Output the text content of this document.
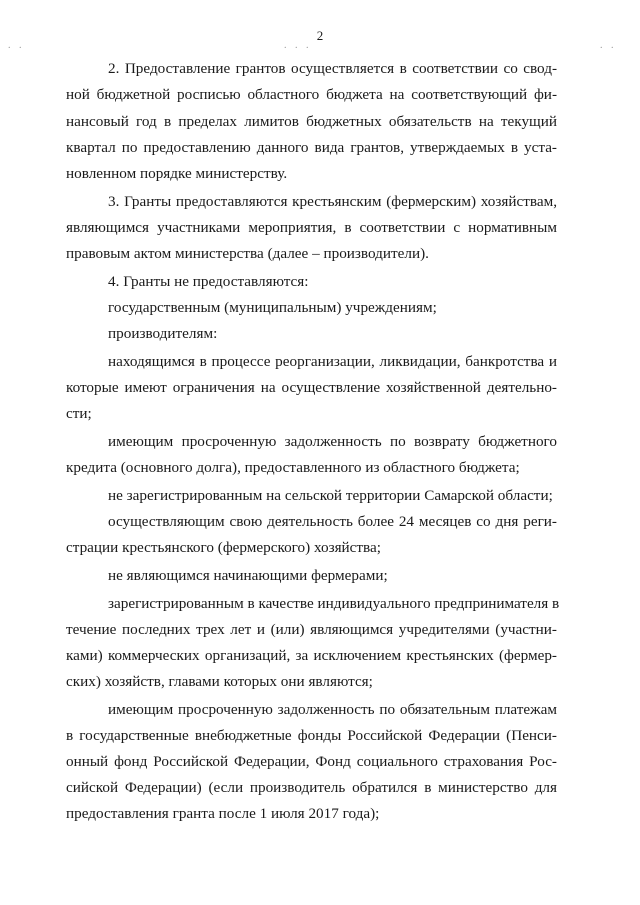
2
. .	. . .	. .
2. Предоставление грантов осуществляется в соответствии со свод-
ной бюджетной росписью областного бюджета на соответствующий фи-
нансовый год в пределах лимитов бюджетных обязательств на текущий
квартал по предоставлению данного вида грантов, утверждаемых в уста-
новленном порядке министерству.
3. Гранты предоставляются крестьянским (фермерским) хозяйствам,
являющимся участниками мероприятия, в соответствии с нормативным
правовым актом министерства (далее – производители).
4. Гранты не предоставляются:
государственным (муниципальным) учреждениям;
производителям:
находящимся в процессе реорганизации, ликвидации, банкротства и
которые имеют ограничения на осуществление хозяйственной деятельно-
сти;
имеющим просроченную задолженность по возврату бюджетного
кредита (основного долга), предоставленного из областного бюджета;
не зарегистрированным на сельской территории Самарской области;
осуществляющим свою деятельность более 24 месяцев со дня реги-
страции крестьянского (фермерского) хозяйства;
не являющимся начинающими фермерами;
зарегистрированным в качестве индивидуального предпринимателя в
течение последних трех лет и (или) являющимся учредителями (участни-
ками) коммерческих организаций, за исключением крестьянских (фермер-
ских) хозяйств, главами которых они являются;
имеющим просроченную задолженность по обязательным платежам
в государственные внебюджетные фонды Российской Федерации (Пенси-
онный фонд Российской Федерации, Фонд социального страхования Рос-
сийской Федерации) (если производитель обратился в министерство для
предоставления гранта после 1 июля 2017 года);
